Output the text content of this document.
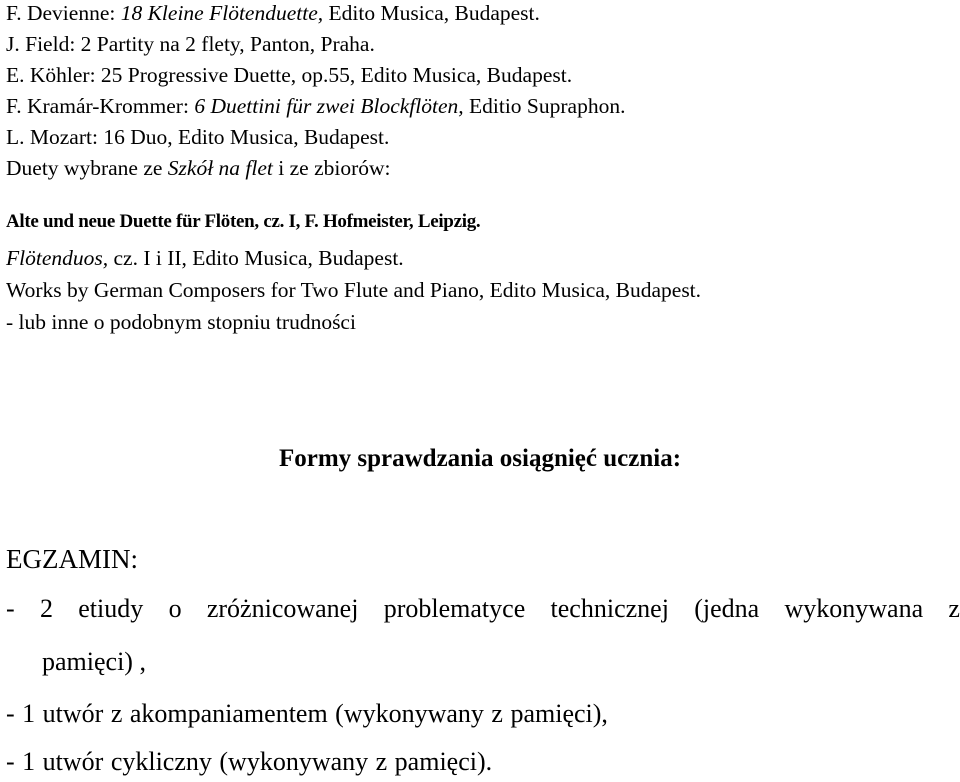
F. Devienne: 18 Kleine Flötenduette, Edito Musica, Budapest.

J. Field: 2 Partity na 2 flety, Panton, Praha.

E. Köhler: 25 Progressive Duette, op.55, Edito Musica, Budapest.

F. Kramár-Krommer: 6 Duettini für zwei Blockflöten, Editio Supraphon.

L. Mozart: 16 Duo, Edito Musica, Budapest.

Duety wybrane ze Szkół na flet i ze zbiorów:

Alte und neue Duette für Flöten, cz. I, F. Hofmeister, Leipzig.

Flötenduos, cz. I i II, Edito Musica, Budapest.

Works by German Composers for Two Flute and Piano, Edito Musica, Budapest.

- lub inne o podobnym stopniu trudności

Formy sprawdzania osiągnięć ucznia:

EGZAMIN:

- 2 etiudy o zróżnicowanej problematyce technicznej (jedna wykonywana z

pamięci) ,

- 1 utwór z akompaniamentem (wykonywany z pamięci),

- 1 utwór cykliczny (wykonywany z pamięci).
